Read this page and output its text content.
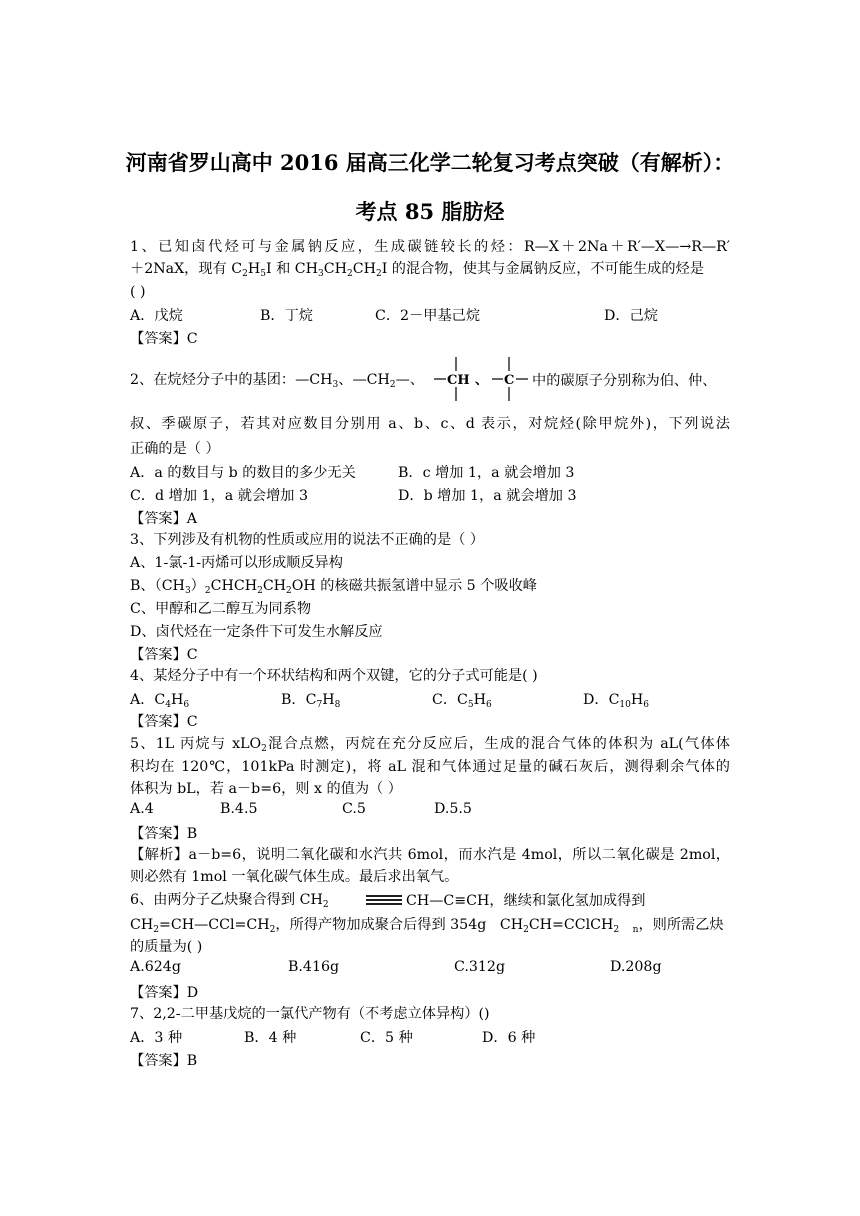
河南省罗山高中 2016 届高三化学二轮复习考点突破（有解析）：
考点 85 脂肪烃
1、已知卤代烃可与金属钠反应，生成碳链较长的烃：R—X＋2Na＋R′—X—→R—R′
＋2NaX，现有 $C_2H_5I$ 和 $CH_3CH_2CH_2I$ 的混合物，使其与金属钠反应，不可能生成的烃是
( )
A．戊烷	B．丁烷	C．2－甲基己烷	D．己烷
【答案】C
2、在烷烃分子中的基团：$—CH_3$、$—CH_2—$、	CH 、 C 中的碳原子分别称为伯、仲、
叔、季碳原子，若其对应数目分别用 a、b、c、d 表示，对烷烃(除甲烷外)，下列说法
正确的是（ ）
A．a 的数目与 b 的数目的多少无关	B．c 增加 1，a 就会增加 3
C．d 增加 1，a 就会增加 3	D．b 增加 1，a 就会增加 3
【答案】A
3、下列涉及有机物的性质或应用的说法不正确的是（ ）
A、1-氯-1-丙烯可以形成顺反异构
B、$(CH_3)_2CHCH_2CH_2OH$ 的核磁共振氢谱中显示 5 个吸收峰
C、甲醇和乙二醇互为同系物
D、卤代烃在一定条件下可发生水解反应
【答案】C
4、某烃分子中有一个环状结构和两个双键，它的分子式可能是( )
A．$C_4H_6$	B．$C_7H_8$	C．$C_5H_6$	D．$C_{10}H_6$
【答案】C
5、1L 丙烷与 xLO$_2$混合点燃，丙烷在充分反应后，生成的混合气体的体积为 aL(气体体
积均在 120℃，101kPa 时测定)，将 aL 混和气体通过足量的碱石灰后，测得剩余气体的
体积为 bL，若 a－b=6，则 x 的值为（ ）
A.4	B.4.5	C.5	D.5.5
【答案】B
【解析】a－b=6，说明二氧化碳和水汽共 6mol，而水汽是 4mol，所以二氧化碳是 2mol，
则必然有 1mol 一氧化碳气体生成。最后求出氧气。
6、由两分子乙炔聚合得到 $CH_2$	CH—C≡CH，继续和氯化氢加成得到
$CH_2=CH—CCl=CH_2$，所得产物加成聚合后得到 354g $CH_2CH=CClCH_2$ $_n$，则所需乙炔
的质量为( )
A.624g	B.416g	C.312g	D.208g
【答案】D
7、2,2-二甲基戊烷的一氯代产物有（不考虑立体异构）()
A．3 种	B．4 种	C．5 种	D．6 种
【答案】B
